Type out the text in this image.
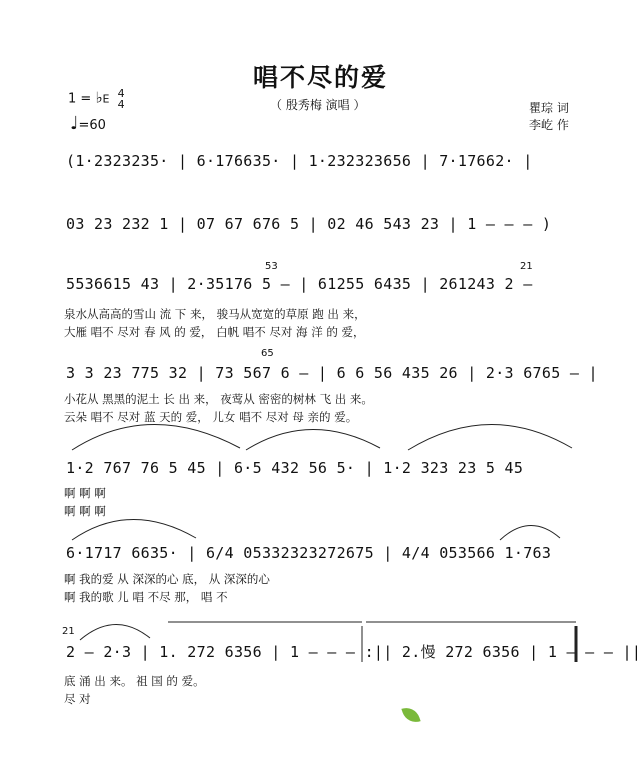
唱不尽的爱
（ 殷秀梅 演唱 ）	瞿琮 词
李屹 作
1 = ♭E 4
4
♩=60
(1·2323235· | 6·176635· | 1·232323656 | 7·17662· |
03 23 232 1 | 07 67 676 5 | 02 46 543 23 | 1 — — — )
5536615 43 | 2·35176 5 — | 61255 6435 | 261243 2 —
53	21
泉水从高高的雪山 流 下 来， 骏马从宽宽的草原 跑 出 来，
大雁 唱不 尽对 春 风 的 爱， 白帆 唱不 尽对 海 洋 的 爱，
3 3 23 775 32 | 73 567 6 — | 6 6 56 435 26 | 2·3 6765 — |
65
小花从 黑黑的泥土 长 出 来， 夜莺从 密密的树林 飞 出 来。
云朵 唱不 尽对 蓝 天的 爱， 儿女 唱不 尽对 母 亲的 爱。
1·2 767 76 5 45 | 6·5 432 56 5· | 1·2 323 23 5 45
啊 啊 啊
啊 啊 啊
6·1717 6635· | 6/4 05332323272675 | 4/4 053566 1·763
啊 我的爱 从 深深的心 底， 从 深深的心
啊 我的歌 儿 唱 不尽 那， 唱 不
2 — 2·3 | 1. 272 6356 | 1 — — — :|| 2.慢 272 6356 | 1 — — — ||
21
底 涌 出 来。 祖 国 的 爱。
尽 对
